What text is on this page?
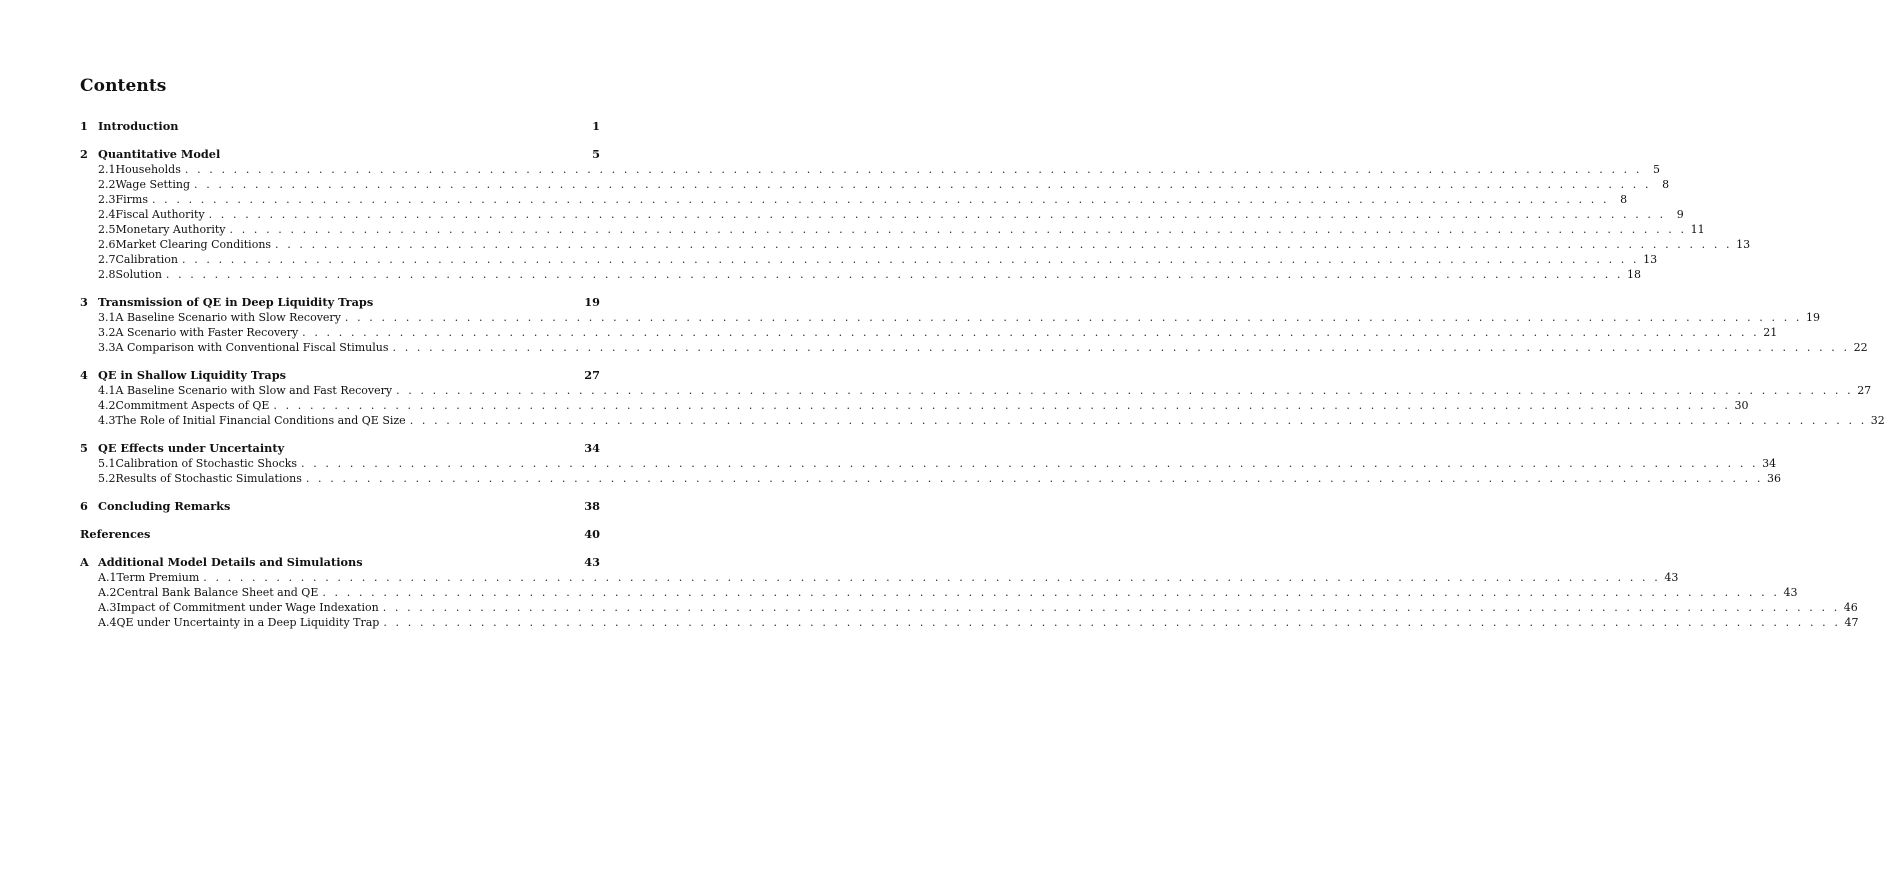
Contents
1 Introduction	1
2 Quantitative Model	5
2.1 Households . . . . . . . . . . . . . . . . . . . . . . . . . . . . . . . . . . . . . . . . . . . . . . . . . . . . . . . . . . . . . . . . . . . . . . . . . . . . . . . . . . . . . . . . . . . . . . . . . . . . . . . . . . . . . . . . . . . . . . . .	5
2.2 Wage Setting . . . . . . . . . . . . . . . . . . . . . . . . . . . . . . . . . . . . . . . . . . . . . . . . . . . . . . . . . . . . . . . . . . . . . . . . . . . . . . . . . . . . . . . . . . . . . . . . . . . . . . . . . . . . . . . . . . . . . . . .	8
2.3 Firms . . . . . . . . . . . . . . . . . . . . . . . . . . . . . . . . . . . . . . . . . . . . . . . . . . . . . . . . . . . . . . . . . . . . . . . . . . . . . . . . . . . . . . . . . . . . . . . . . . . . . . . . . . . . . . . . . . . . . . . .	8
2.4 Fiscal Authority . . . . . . . . . . . . . . . . . . . . . . . . . . . . . . . . . . . . . . . . . . . . . . . . . . . . . . . . . . . . . . . . . . . . . . . . . . . . . . . . . . . . . . . . . . . . . . . . . . . . . . . . . . . . . . . . . . . . . . . .	9
2.5 Monetary Authority . . . . . . . . . . . . . . . . . . . . . . . . . . . . . . . . . . . . . . . . . . . . . . . . . . . . . . . . . . . . . . . . . . . . . . . . . . . . . . . . . . . . . . . . . . . . . . . . . . . . . . . . . . . . . . . . . . . . . . . . 11
2.6 Market Clearing Conditions . . . . . . . . . . . . . . . . . . . . . . . . . . . . . . . . . . . . . . . . . . . . . . . . . . . . . . . . . . . . . . . . . . . . . . . . . . . . . . . . . . . . . . . . . . . . . . . . . . . . . . . . . . . . . . . . . . . . . . . . 13
2.7 Calibration . . . . . . . . . . . . . . . . . . . . . . . . . . . . . . . . . . . . . . . . . . . . . . . . . . . . . . . . . . . . . . . . . . . . . . . . . . . . . . . . . . . . . . . . . . . . . . . . . . . . . . . . . . . . . . . . . . . . . . . . 13
2.8 Solution . . . . . . . . . . . . . . . . . . . . . . . . . . . . . . . . . . . . . . . . . . . . . . . . . . . . . . . . . . . . . . . . . . . . . . . . . . . . . . . . . . . . . . . . . . . . . . . . . . . . . . . . . . . . . . . . . . . . . . . . 18
3 Transmission of QE in Deep Liquidity Traps	19
3.1 A Baseline Scenario with Slow Recovery . . . . . . . . . . . . . . . . . . . . . . . . . . . . . . . . . . . . . . . . . . . . . . . . . . . . . . . . . . . . . . . . . . . . . . . . . . . . . . . . . . . . . . . . . . . . . . . . . . . . . . . . . . . . . . . . . . . . . . . . 19
3.2 A Scenario with Faster Recovery . . . . . . . . . . . . . . . . . . . . . . . . . . . . . . . . . . . . . . . . . . . . . . . . . . . . . . . . . . . . . . . . . . . . . . . . . . . . . . . . . . . . . . . . . . . . . . . . . . . . . . . . . . . . . . . . . . . . . . . . 21
3.3 A Comparison with Conventional Fiscal Stimulus . . . . . . . . . . . . . . . . . . . . . . . . . . . . . . . . . . . . . . . . . . . . . . . . . . . . . . . . . . . . . . . . . . . . . . . . . . . . . . . . . . . . . . . . . . . . . . . . . . . . . . . . . . . . . . . . . . . . . . . . 22
4 QE in Shallow Liquidity Traps	27
4.1 A Baseline Scenario with Slow and Fast Recovery . . . . . . . . . . . . . . . . . . . . . . . . . . . . . . . . . . . . . . . . . . . . . . . . . . . . . . . . . . . . . . . . . . . . . . . . . . . . . . . . . . . . . . . . . . . . . . . . . . . . . . . . . . . . . . . . . . . . . . . . 27
4.2 Commitment Aspects of QE . . . . . . . . . . . . . . . . . . . . . . . . . . . . . . . . . . . . . . . . . . . . . . . . . . . . . . . . . . . . . . . . . . . . . . . . . . . . . . . . . . . . . . . . . . . . . . . . . . . . . . . . . . . . . . . . . . . . . . . . 30
4.3 The Role of Initial Financial Conditions and QE Size . . . . . . . . . . . . . . . . . . . . . . . . . . . . . . . . . . . . . . . . . . . . . . . . . . . . . . . . . . . . . . . . . . . . . . . . . . . . . . . . . . . . . . . . . . . . . . . . . . . . . . . . . . . . . . . . . . . . . . . . 32
5 QE Effects under Uncertainty	34
5.1 Calibration of Stochastic Shocks . . . . . . . . . . . . . . . . . . . . . . . . . . . . . . . . . . . . . . . . . . . . . . . . . . . . . . . . . . . . . . . . . . . . . . . . . . . . . . . . . . . . . . . . . . . . . . . . . . . . . . . . . . . . . . . . . . . . . . . . 34
5.2 Results of Stochastic Simulations . . . . . . . . . . . . . . . . . . . . . . . . . . . . . . . . . . . . . . . . . . . . . . . . . . . . . . . . . . . . . . . . . . . . . . . . . . . . . . . . . . . . . . . . . . . . . . . . . . . . . . . . . . . . . . . . . . . . . . . . 36
6 Concluding Remarks	38
References	40
A Additional Model Details and Simulations	43
A.1 Term Premium . . . . . . . . . . . . . . . . . . . . . . . . . . . . . . . . . . . . . . . . . . . . . . . . . . . . . . . . . . . . . . . . . . . . . . . . . . . . . . . . . . . . . . . . . . . . . . . . . . . . . . . . . . . . . . . . . . . . . . . . 43
A.2 Central Bank Balance Sheet and QE . . . . . . . . . . . . . . . . . . . . . . . . . . . . . . . . . . . . . . . . . . . . . . . . . . . . . . . . . . . . . . . . . . . . . . . . . . . . . . . . . . . . . . . . . . . . . . . . . . . . . . . . . . . . . . . . . . . . . . . . 43
A.3 Impact of Commitment under Wage Indexation . . . . . . . . . . . . . . . . . . . . . . . . . . . . . . . . . . . . . . . . . . . . . . . . . . . . . . . . . . . . . . . . . . . . . . . . . . . . . . . . . . . . . . . . . . . . . . . . . . . . . . . . . . . . . . . . . . . . . . . . 46
A.4 QE under Uncertainty in a Deep Liquidity Trap . . . . . . . . . . . . . . . . . . . . . . . . . . . . . . . . . . . . . . . . . . . . . . . . . . . . . . . . . . . . . . . . . . . . . . . . . . . . . . . . . . . . . . . . . . . . . . . . . . . . . . . . . . . . . . . . . . . . . . . . 47
